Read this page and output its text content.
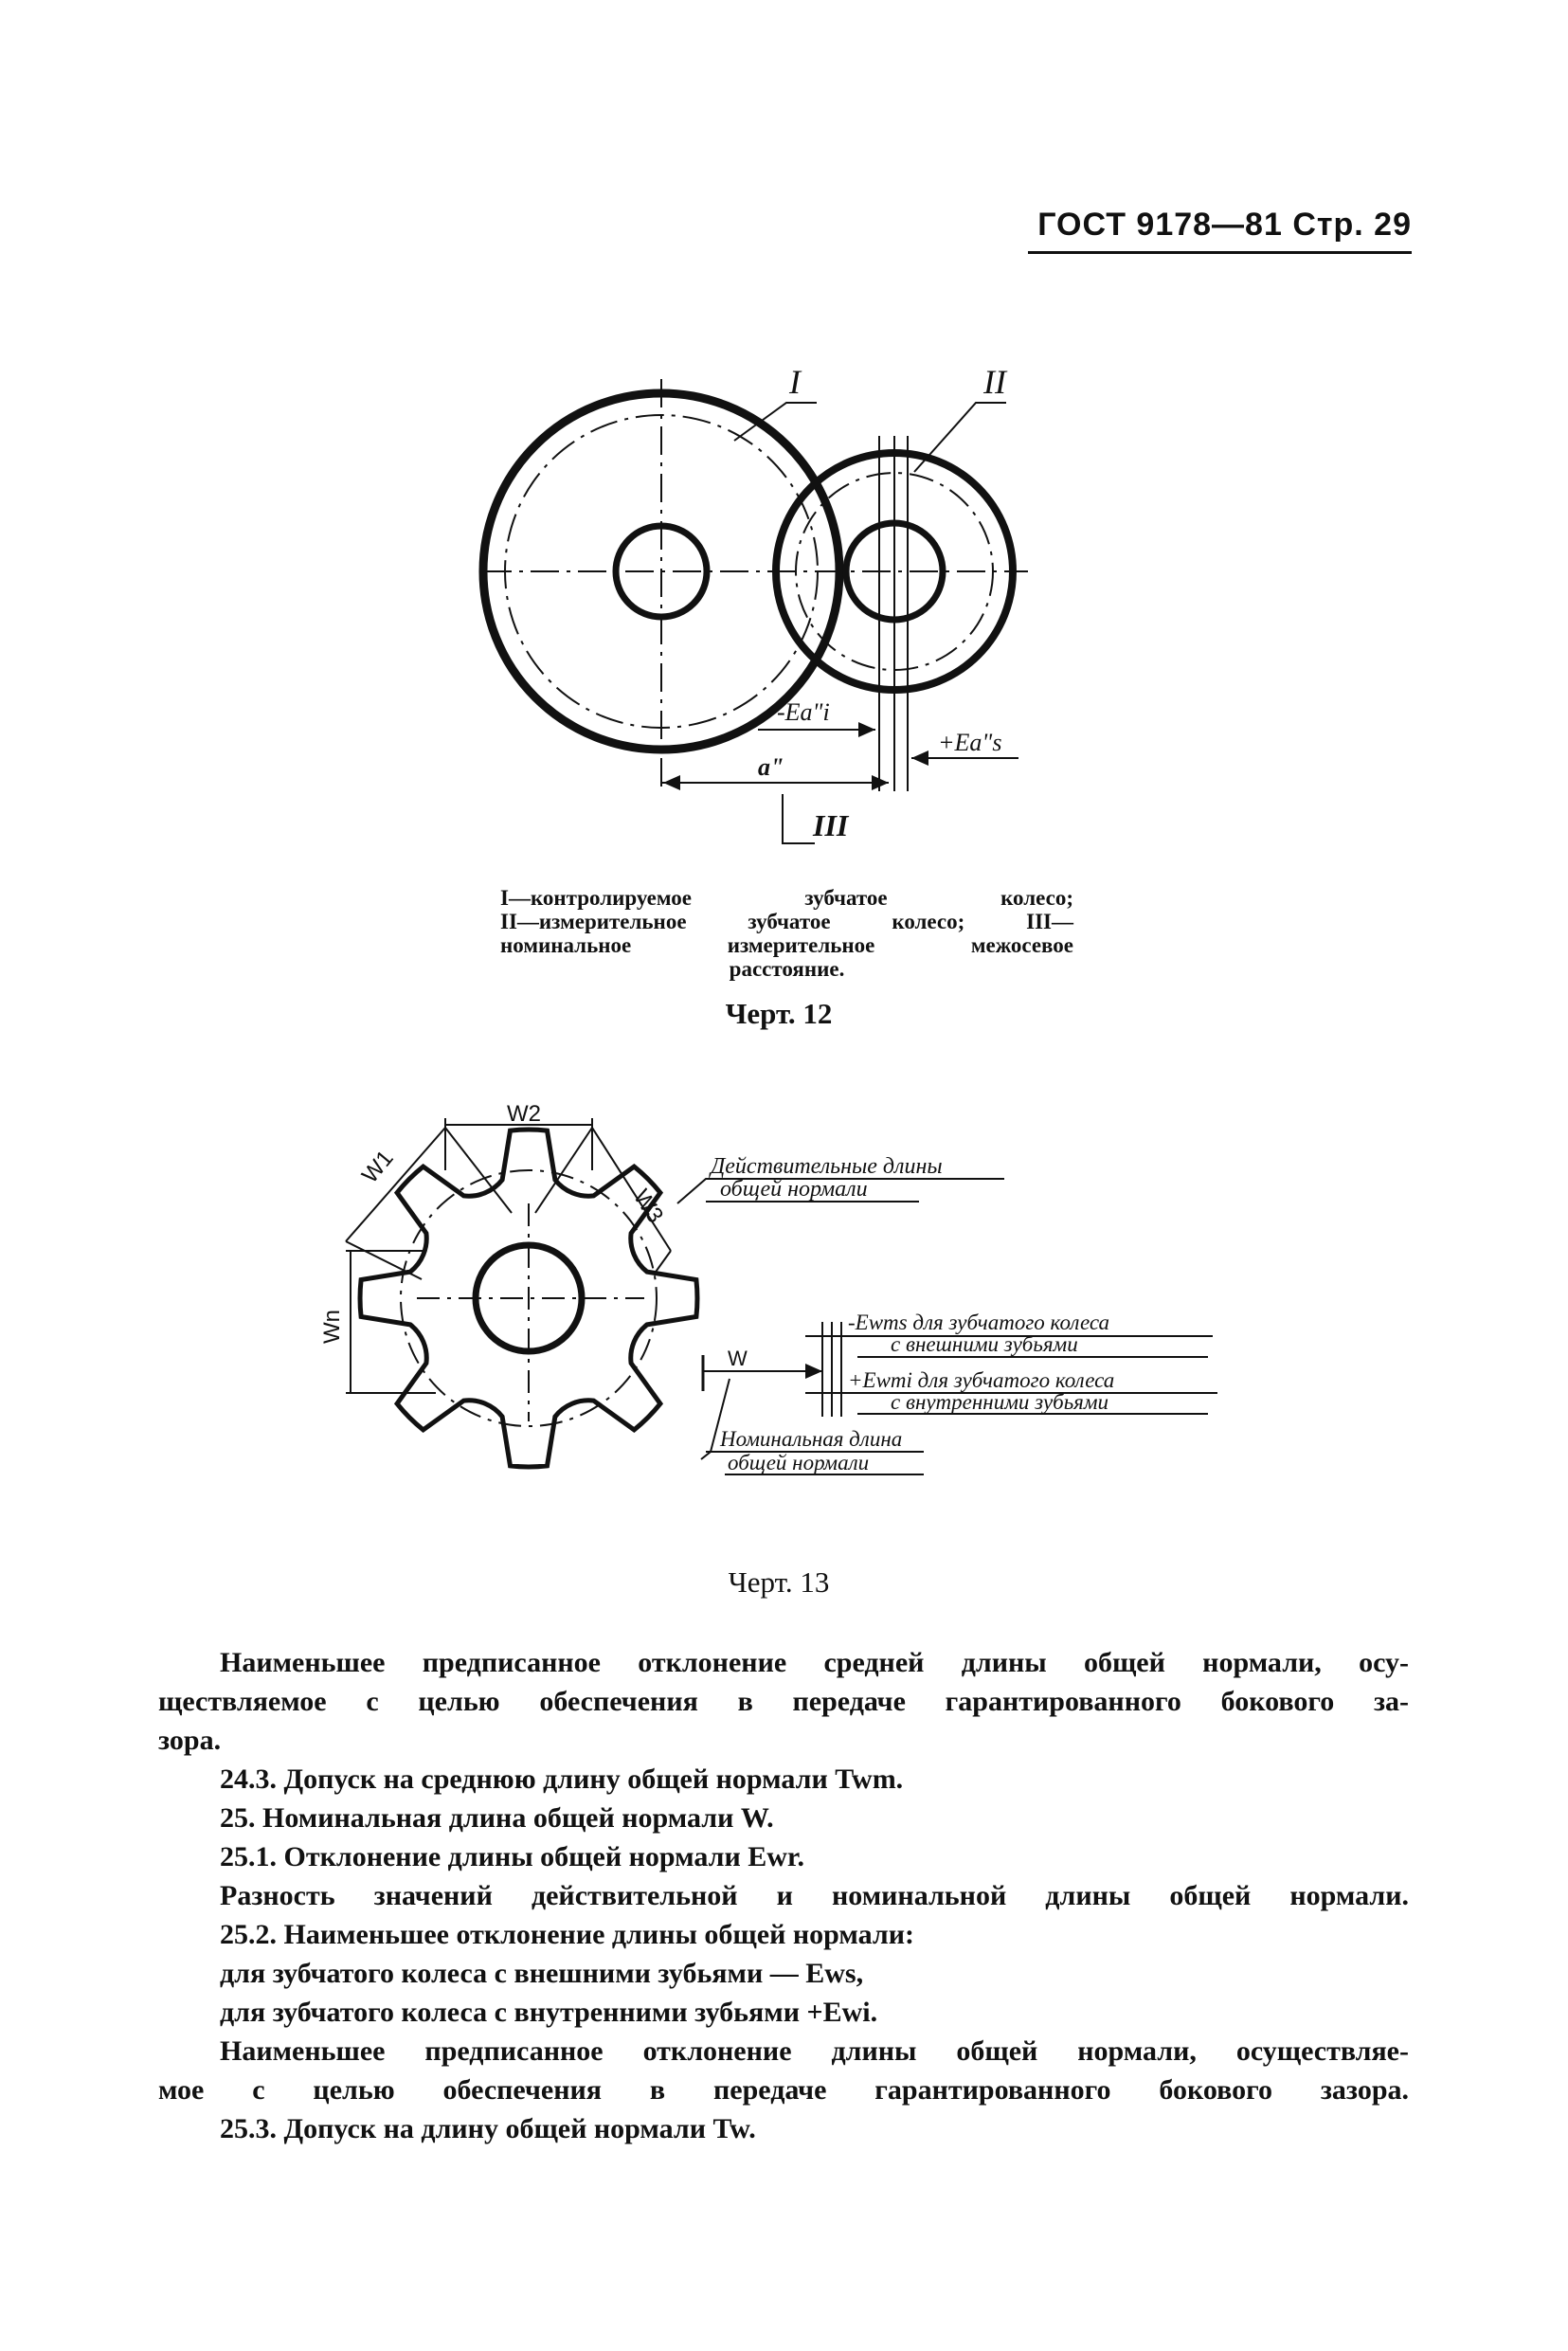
ГОСТ 9178—81 Стр. 29
I	II
III
-Ea"i
+Ea"s
a"
W2
W1
W3
Wn
W
Действительные длины
общей нормали
-Ewms для зубчатого колеса
с внешними зубьями
+Ewmi для зубчатого колеса
с внутренними зубьями
Номинальная длина
общей нормали
I—контролируемое зубчатое колесо;
II—измерительное зубчатое колесо; III—
номинальное измерительное межосевое
расстояние.
Черт. 12
Черт. 13
Наименьшее предписанное отклонение средней длины общей нормали, осу-
ществляемое с целью обеспечения в передаче гарантированного бокового за-
зора.
24.3. Допуск на среднюю длину общей нормали Twm.
25. Номинальная длина общей нормали W.
25.1. Отклонение длины общей нормали Ewr.
Разность значений действительной и номинальной длины общей нормали.
25.2. Наименьшее отклонение длины общей нормали:
для зубчатого колеса с внешними зубьями — Ews,
для зубчатого колеса с внутренними зубьями +Ewi.
Наименьшее предписанное отклонение длины общей нормали, осуществляе-
мое с целью обеспечения в передаче гарантированного бокового зазора.
25.3. Допуск на длину общей нормали Tw.
